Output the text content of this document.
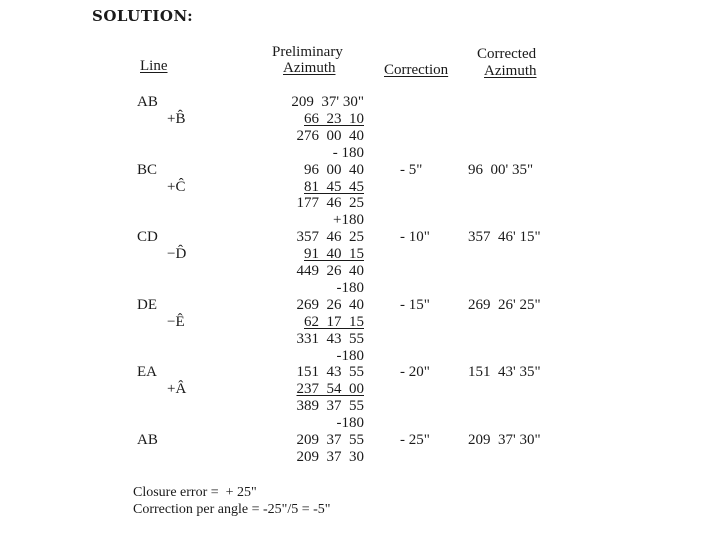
SOLUTION:
Line
Preliminary
Azimuth	Correction
Corrected
Azimuth
AB	209  37' 30"
+B̂	66  23  10
276  00  40
- 180
BC	96  00  40 - 5"	96  00' 35"
+Ĉ	81  45  45
177  46  25
+180
CD	357  46  25 - 10"	357  46' 15"
−D̂	91  40  15
449  26  40
-180
DE	269  26  40 - 15"	269  26' 25"
−Ê	62  17  15
331  43  55
-180
EA	151  43  55 - 20"	151  43' 35"
+Â	237  54  00
389  37  55
-180
AB	209  37  55 - 25"	209  37' 30"
209  37  30
Closure error =  + 25"
Correction per angle = -25"/5 = -5"
